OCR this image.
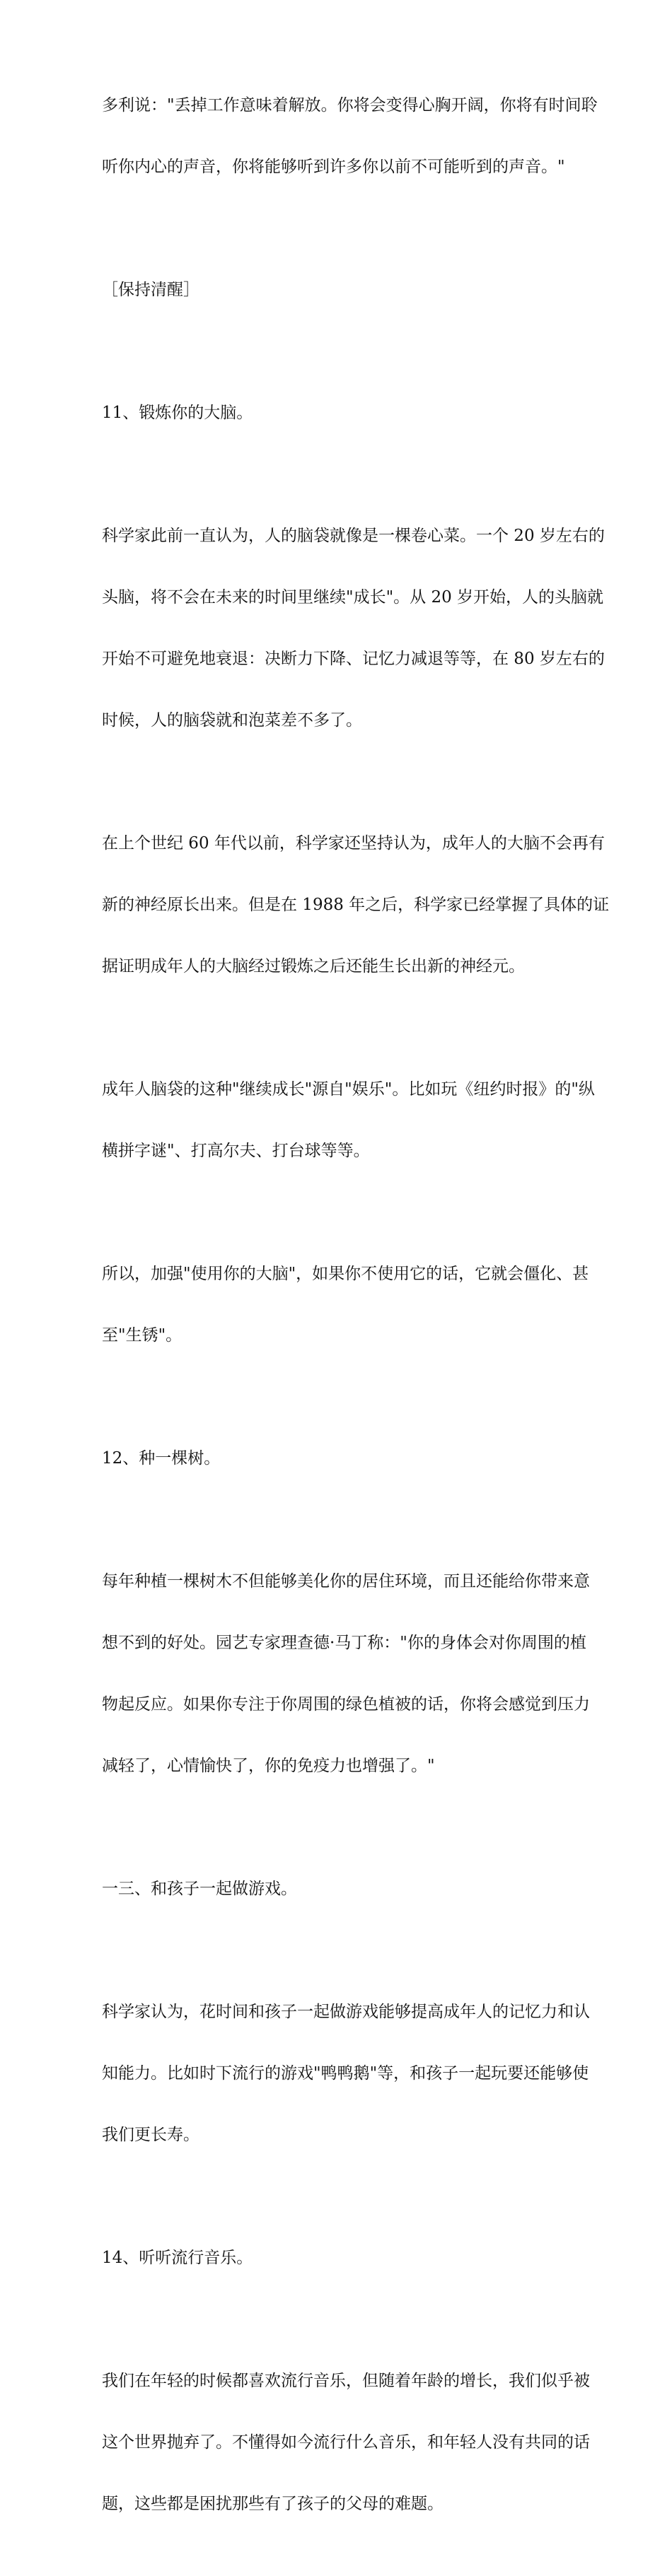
多利说："丢掉工作意味着解放。你将会变得心胸开阔，你将有时间聆

听你内心的声音，你将能够听到许多你以前不可能听到的声音。"

［保持清醒］

11、锻炼你的大脑。

科学家此前一直认为，人的脑袋就像是一棵卷心菜。一个 20 岁左右的

头脑，将不会在未来的时间里继续"成长"。从 20 岁开始，人的头脑就

开始不可避免地衰退：决断力下降、记忆力减退等等，在 80 岁左右的

时候，人的脑袋就和泡菜差不多了。

在上个世纪 60 年代以前，科学家还坚持认为，成年人的大脑不会再有

新的神经原长出来。但是在 1988 年之后，科学家已经掌握了具体的证

据证明成年人的大脑经过锻炼之后还能生长出新的神经元。

成年人脑袋的这种"继续成长"源自"娱乐"。比如玩《纽约时报》的"纵

横拼字谜"、打高尔夫、打台球等等。

所以，加强"使用你的大脑"，如果你不使用它的话，它就会僵化、甚

至"生锈"。

12、种一棵树。

每年种植一棵树木不但能够美化你的居住环境，而且还能给你带来意

想不到的好处。园艺专家理查德·马丁称："你的身体会对你周围的植

物起反应。如果你专注于你周围的绿色植被的话，你将会感觉到压力

减轻了，心情愉快了，你的免疫力也增强了。"

一三、和孩子一起做游戏。

科学家认为，花时间和孩子一起做游戏能够提高成年人的记忆力和认

知能力。比如时下流行的游戏"鸭鸭鹅"等，和孩子一起玩要还能够使

我们更长寿。

14、听听流行音乐。

我们在年轻的时候都喜欢流行音乐，但随着年龄的增长，我们似乎被

这个世界抛弃了。不懂得如今流行什么音乐，和年轻人没有共同的话

题，这些都是困扰那些有了孩子的父母的难题。
